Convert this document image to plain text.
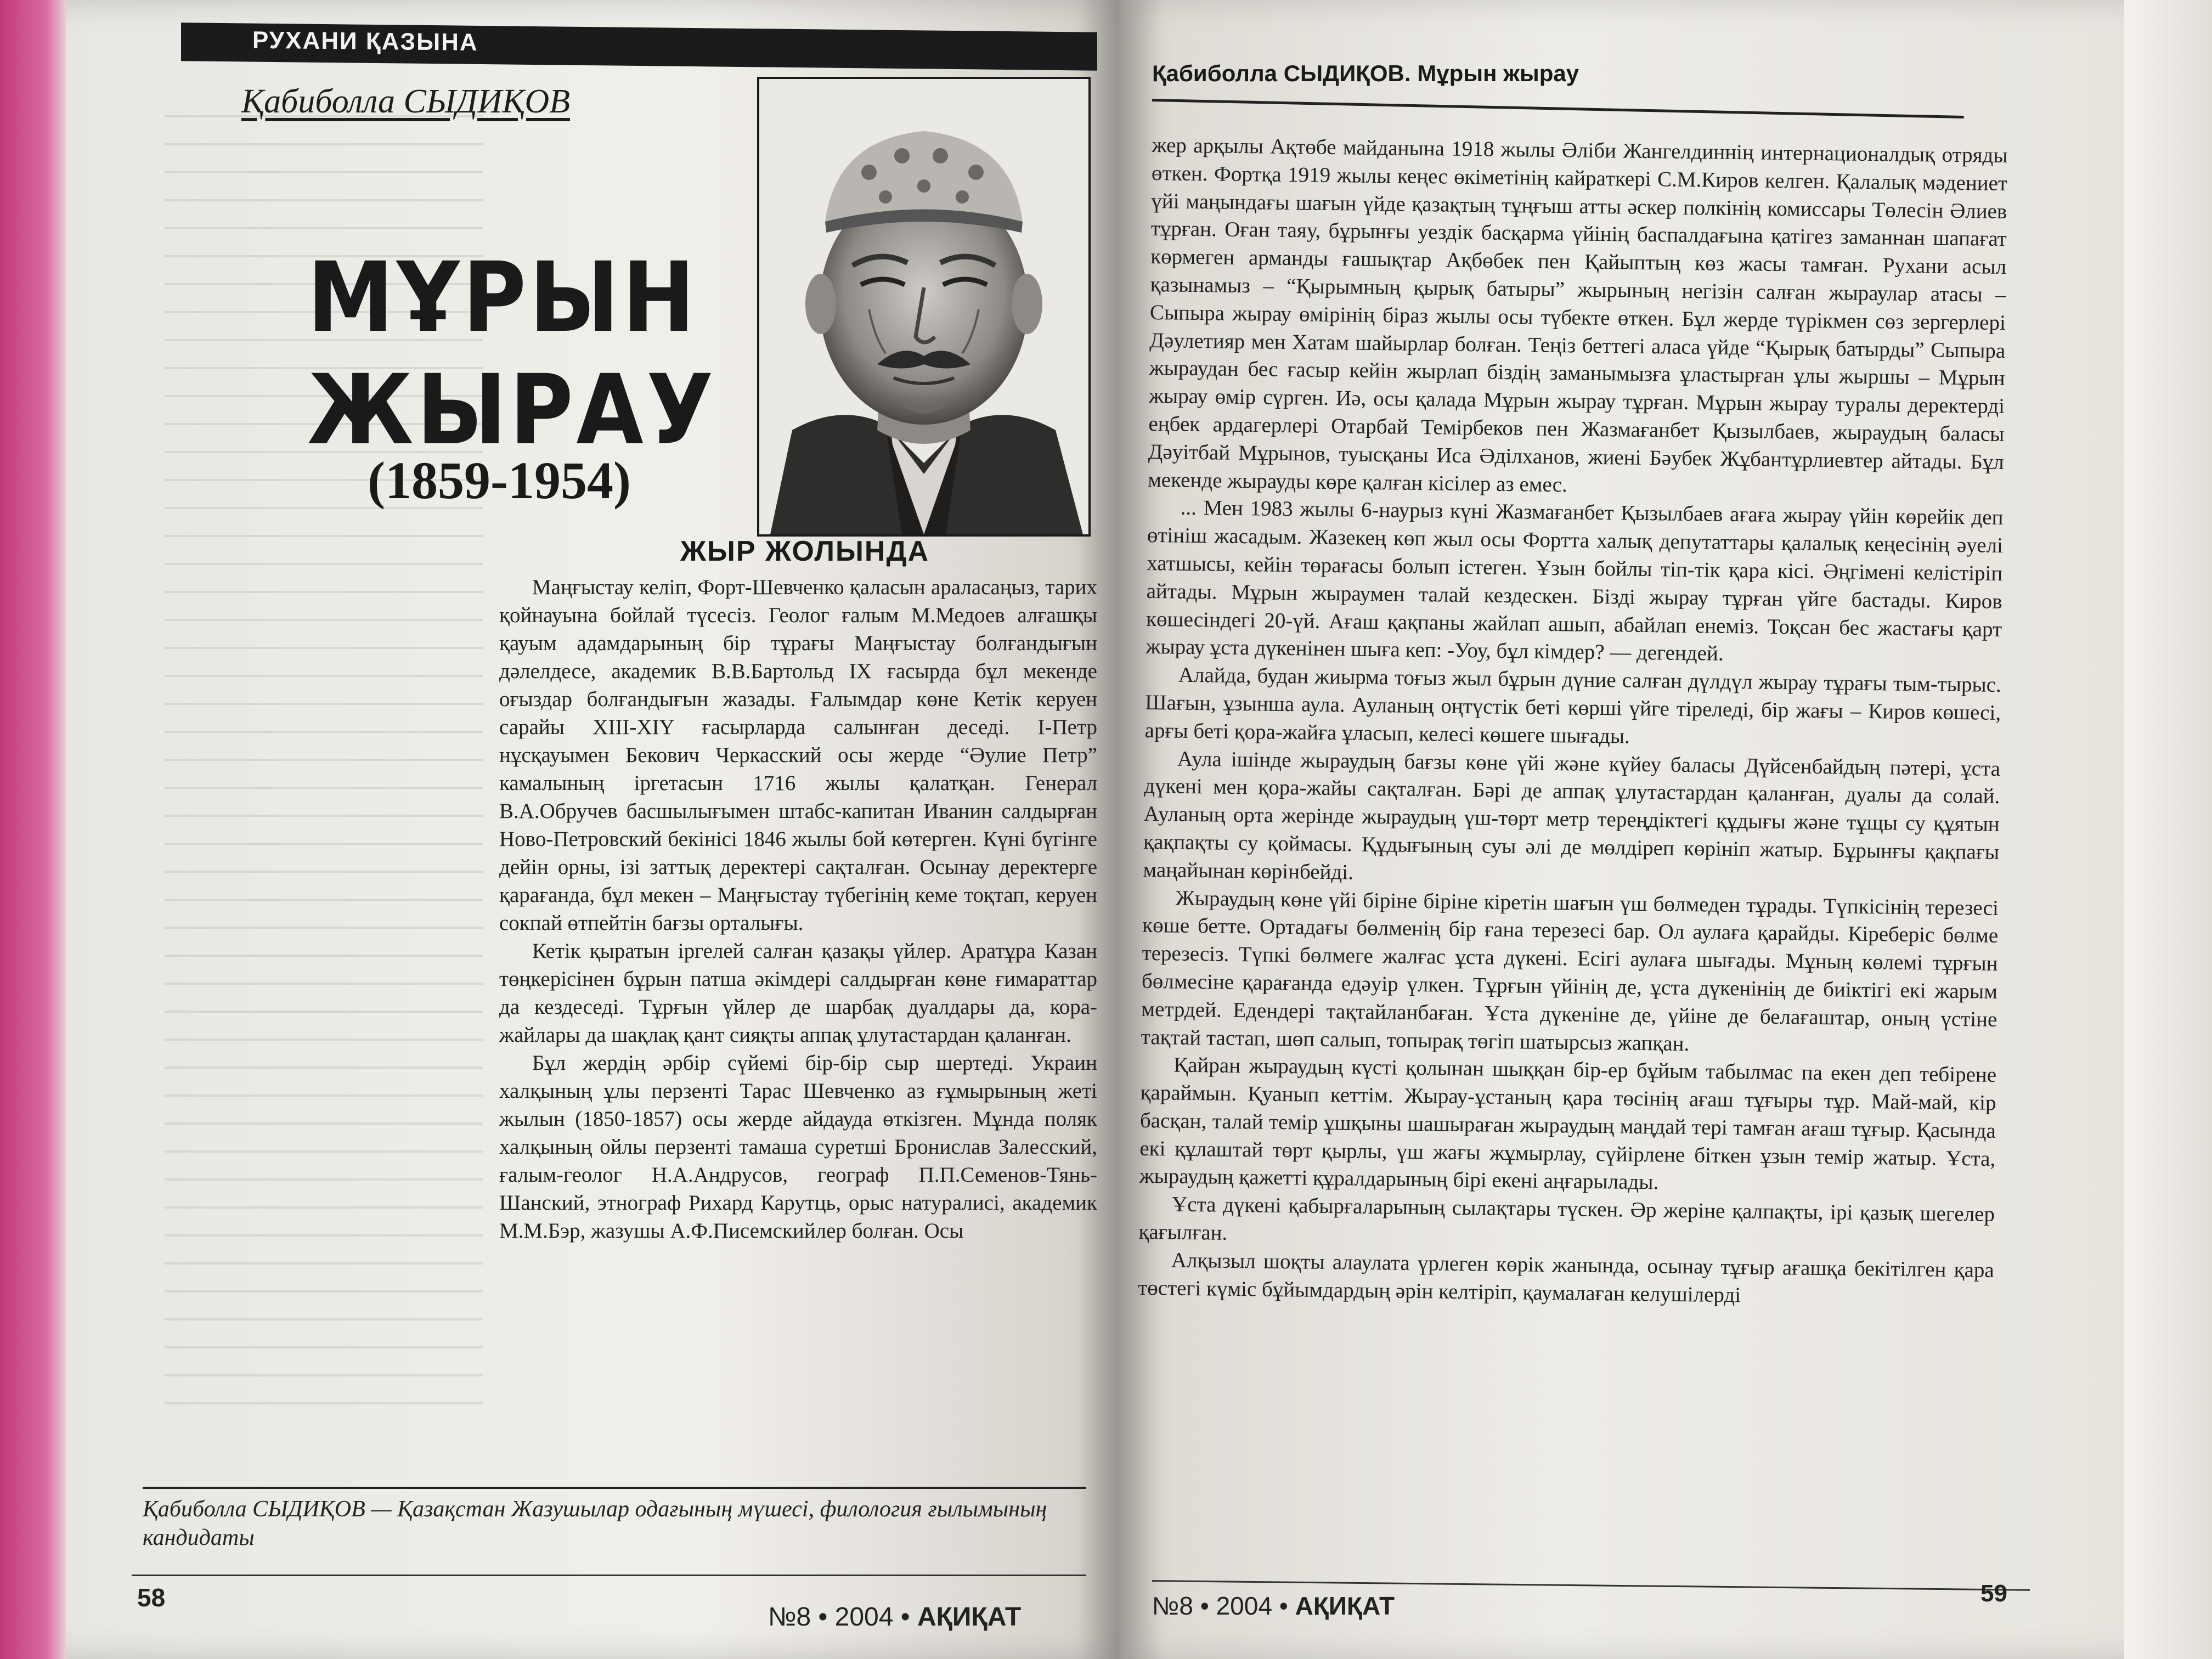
РУХАНИ ҚАЗЫНА
Қабиболла СЫДИҚОВ
МҰРЫН
ЖЫРАУ
(1859-1954)
ЖЫР ЖОЛЫНДА

Маңғыстау келіп, Форт-Шевченко қаласын аралаcаңыз, тарих қойнауына бойлай түсесіз. Геолог ғалым М.Медоев алғашқы қауым адамдарының бір тұрағы Маңғыстау болғандығын дәлелдесе, академик В.В.Бартольд IX ғасырда бұл мекенде оғыздар болғандығын жазады. Ғалымдар көне Кетік керуен сарайы XIII-XIY ғасырларда салынған деседі. I-Петр нұсқауымен Бекович Черкасский осы жерде “Әулие Петр” камалының іргетасын 1716 жылы қалатқан. Генерал В.А.Обручев басшылығымен штабс-капитан Иванин салдырған Ново-Петровский бекінісі 1846 жылы бой көтерген. Күні бүгінге дейін орны, ізі заттық деректері сақталған. Осынау деректерге қарағанда, бұл мекен – Маңғыстау түбегінің кеме тоқтап, керуен сокпай өтпейтін бағзы орталығы.

Кетік қыратын іргелей салған қазақы үйлер. Аратұра Казан төңкерісінен бұрын патша әкімдері салдырған көне ғимараттар да кездеседі. Тұрғын үйлер де шарбақ дуалдары да, кора-жайлары да шақлақ қант сияқты аппақ ұлутастардан қаланған.

Бұл жердің әрбір сүйемі бір-бір сыр шертеді. Украин халқының ұлы перзенті Тарас Шевченко аз ғұмырының жеті жылын (1850-1857) осы жерде айдауда өткізген. Мұнда поляк халқының ойлы перзенті тамаша суретші Бронислав Залесский, ғалым-геолог Н.А.Андрусов, географ П.П.Семенов-Тянь-Шанский, этнограф Рихард Карутць, орыс натуралисі, академик М.М.Бэр, жазушы А.Ф.Писемскийлер болған. Осы

Қабиболла СЫДИҚОВ — Қазақстан Жазушылар одағының мүшесі, филология ғылымының кандидаты
58
№8 • 2004 • АҚИҚАТ
Қабиболла СЫДИҚОВ. Мұрын жырау

жер арқылы Ақтөбе майданына 1918 жылы Әліби Жангелдиннің интернационалдық отряды өткен. Фортқа 1919 жылы кеңес өкіметінің кайрaткері С.М.Киров келген. Қалалық мәдениет үйі маңындағы шағын үйде қазақтың тұңғыш атты әскер полкінің комиссары Төлесін Әлиев тұрған. Оған таяу, бұрынғы уездік басқарма үйінің баспалдағына қатігез заманнан шапағат көрмеген арманды ғашықтар Ақбөбек пен Қайыптың көз жасы тамған. Рухани асыл қазынамыз – “Қырымның қырық батыры” жырының негізін салған жыраулар атасы – Сыпыра жырау өмірінің біраз жылы осы түбекте өткен. Бұл жерде түрікмен сөз зергерлері Дәулетияр мен Хатам шайырлар болған. Теңіз беттегі аласа үйде “Қырық батырды” Сыпыра жыраудан бес ғасыр кейін жырлап біздің заманымызға ұластырған ұлы жыршы – Мұрын жырау өмір сүрген. Иә, осы қалада Мұрын жырау тұрған. Мұрын жырау туралы деректерді еңбек ардагерлері Отарбай Темірбеков пен Жазмағанбет Қызылбаев, жыраудың баласы Дәуітбай Мұрынов, туысқаны Иса Әділханов, жиені Бәубек Жұбантұрлиевтер айтады. Бұл мекенде жырауды көре қалған кісілер аз емес.

... Мен 1983 жылы 6-наурыз күні Жазмағанбет Қызылбаев ағаға жырау үйін көрейік деп өтініш жасадым. Жазекең көп жыл осы Фортта халық депутаттары қалалық кеңесінің әуелі хатшысы, кейін төрағасы болып істеген. Ұзын бойлы тіп-тік қара кісі. Әңгімені келістіріп айтады. Мұрын жыраумен талай кездескен. Бізді жырау тұрған үйге бастады. Киров көшесіндегі 20-үй. Ағаш қақпаны жайлап ашып, абайлап енеміз. Тоқсан бес жастағы қарт жырау ұста дүкенінен шыға кеп: -Уоу, бұл кімдер? — дегендей.

Алайда, будан жиырма тоғыз жыл бұрын дүние салған дүлдүл жырау тұрағы тым-тырыс. Шағын, ұзынша аула. Ауланың оңтүстік беті көрші үйге тіреледі, бір жағы – Киров көшесі, арғы беті қора-жайға ұласып, келесі көшеге шығады.

Аула ішінде жыраудың бағзы көне үйі және күйеу баласы Дүйсенбайдың пәтері, ұста дүкені мен қора-жайы сақталған. Бәрі де аппақ ұлутастардан қаланған, дуалы да солай. Ауланың орта жерінде жыраудың үш-төрт метр тереңдіктегі құдығы және тұщы су құятын қақпақты су қоймасы. Құдығының суы әлі де мөлдіреп көрініп жатыр. Бұрынғы қақпағы маңайынан көрінбейді.

Жыраудың көне үйі біріне біріне кіретін шағын үш бөлмеден тұрады. Түпкісінің терезесі көше бетте. Ортадағы бөлменің бір ғана терезесі бар. Ол аулаға қарайды. Кіреберіс бөлме терезесіз. Түпкі бөлмеге жалғас ұста дүкені. Есігі аулаға шығады. Мұның көлемі тұрғын бөлмесіне қарағанда едәуір үлкен. Тұрғын үйінің де, ұста дүкенінің де биіктігі екі жарым метрдей. Едендері тақтайланбаған. Ұста дүкеніне де, үйіне де белағаштар, оның үстіне тақтай тастап, шөп салып, топырақ төгіп шатырсыз жапқан.

Қайран жыраудың күсті қолынан шыққан бір-ер бұйым табылмас па екен деп тебірене қараймын. Қуанып кеттім. Жырау-ұстаның қара төсінің ағаш тұғыры тұр. Май-май, кір басқан, талай темір ұшқыны шашыраған жыраудың маңдай тері тамған ағаш тұғыр. Қасында екі құлаштай төрт қырлы, үш жағы жұмырлау, сүйірлене біткен ұзын темір жатыр. Ұста, жыраудың қажетті құралдарының бірі екені аңғарылады.

Ұста дүкені қабырғаларының сылақтары түскен. Әр жеріне қалпақты, ірі қазық шегелер қағылған.

Алқызыл шоқты алаулата үрлеген көрік жанында, осынау тұғыр ағашқа бекітілген қара төстегі күміс бұйымдардың әрін келтіріп, қаумалаған келушілерді

№8 • 2004 • АҚИҚАТ	59
